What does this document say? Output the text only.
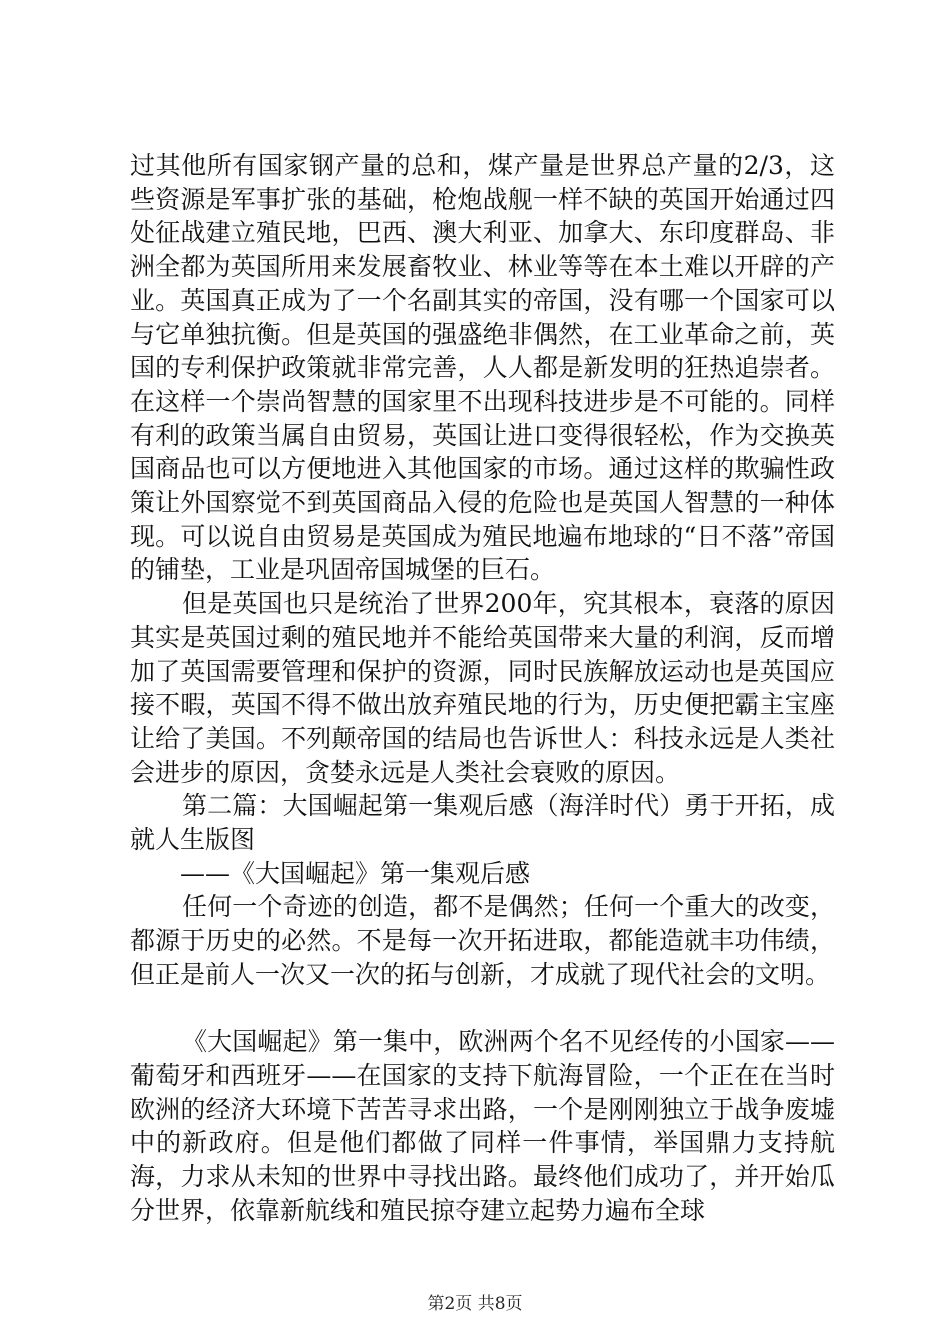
过其他所有国家钢产量的总和，煤产量是世界总产量的2/3，这些资源是军事扩张的基础，枪炮战舰一样不缺的英国开始通过四处征战建立殖民地，巴西、澳大利亚、加拿大、东印度群岛、非洲全都为英国所用来发展畜牧业、林业等等在本土难以开辟的产业。英国真正成为了一个名副其实的帝国，没有哪一个国家可以与它单独抗衡。但是英国的强盛绝非偶然，在工业革命之前，英国的专利保护政策就非常完善，人人都是新发明的狂热追崇者。在这样一个崇尚智慧的国家里不出现科技进步是不可能的。同样有利的政策当属自由贸易，英国让进口变得很轻松，作为交换英国商品也可以方便地进入其他国家的市场。通过这样的欺骗性政策让外国察觉不到英国商品入侵的危险也是英国人智慧的一种体现。可以说自由贸易是英国成为殖民地遍布地球的“日不落”帝国的铺垫，工业是巩固帝国城堡的巨石。

但是英国也只是统治了世界200年，究其根本，衰落的原因其实是英国过剩的殖民地并不能给英国带来大量的利润，反而增加了英国需要管理和保护的资源，同时民族解放运动也是英国应接不暇，英国不得不做出放弃殖民地的行为，历史便把霸主宝座让给了美国。不列颠帝国的结局也告诉世人：科技永远是人类社会进步的原因，贪婪永远是人类社会衰败的原因。

第二篇：大国崛起第一集观后感（海洋时代）勇于开拓，成就人生版图

——《大国崛起》第一集观后感

任何一个奇迹的创造，都不是偶然；任何一个重大的改变，都源于历史的必然。不是每一次开拓进取，都能造就丰功伟绩，但正是前人一次又一次的拓与创新，才成就了现代社会的文明。

《大国崛起》第一集中，欧洲两个名不见经传的小国家——葡萄牙和西班牙——在国家的支持下航海冒险，一个正在在当时欧洲的经济大环境下苦苦寻求出路，一个是刚刚独立于战争废墟中的新政府。但是他们都做了同样一件事情，举国鼎力支持航海，力求从未知的世界中寻找出路。最终他们成功了，并开始瓜分世界，依靠新航线和殖民掠夺建立起势力遍布全球

第2页 共8页
